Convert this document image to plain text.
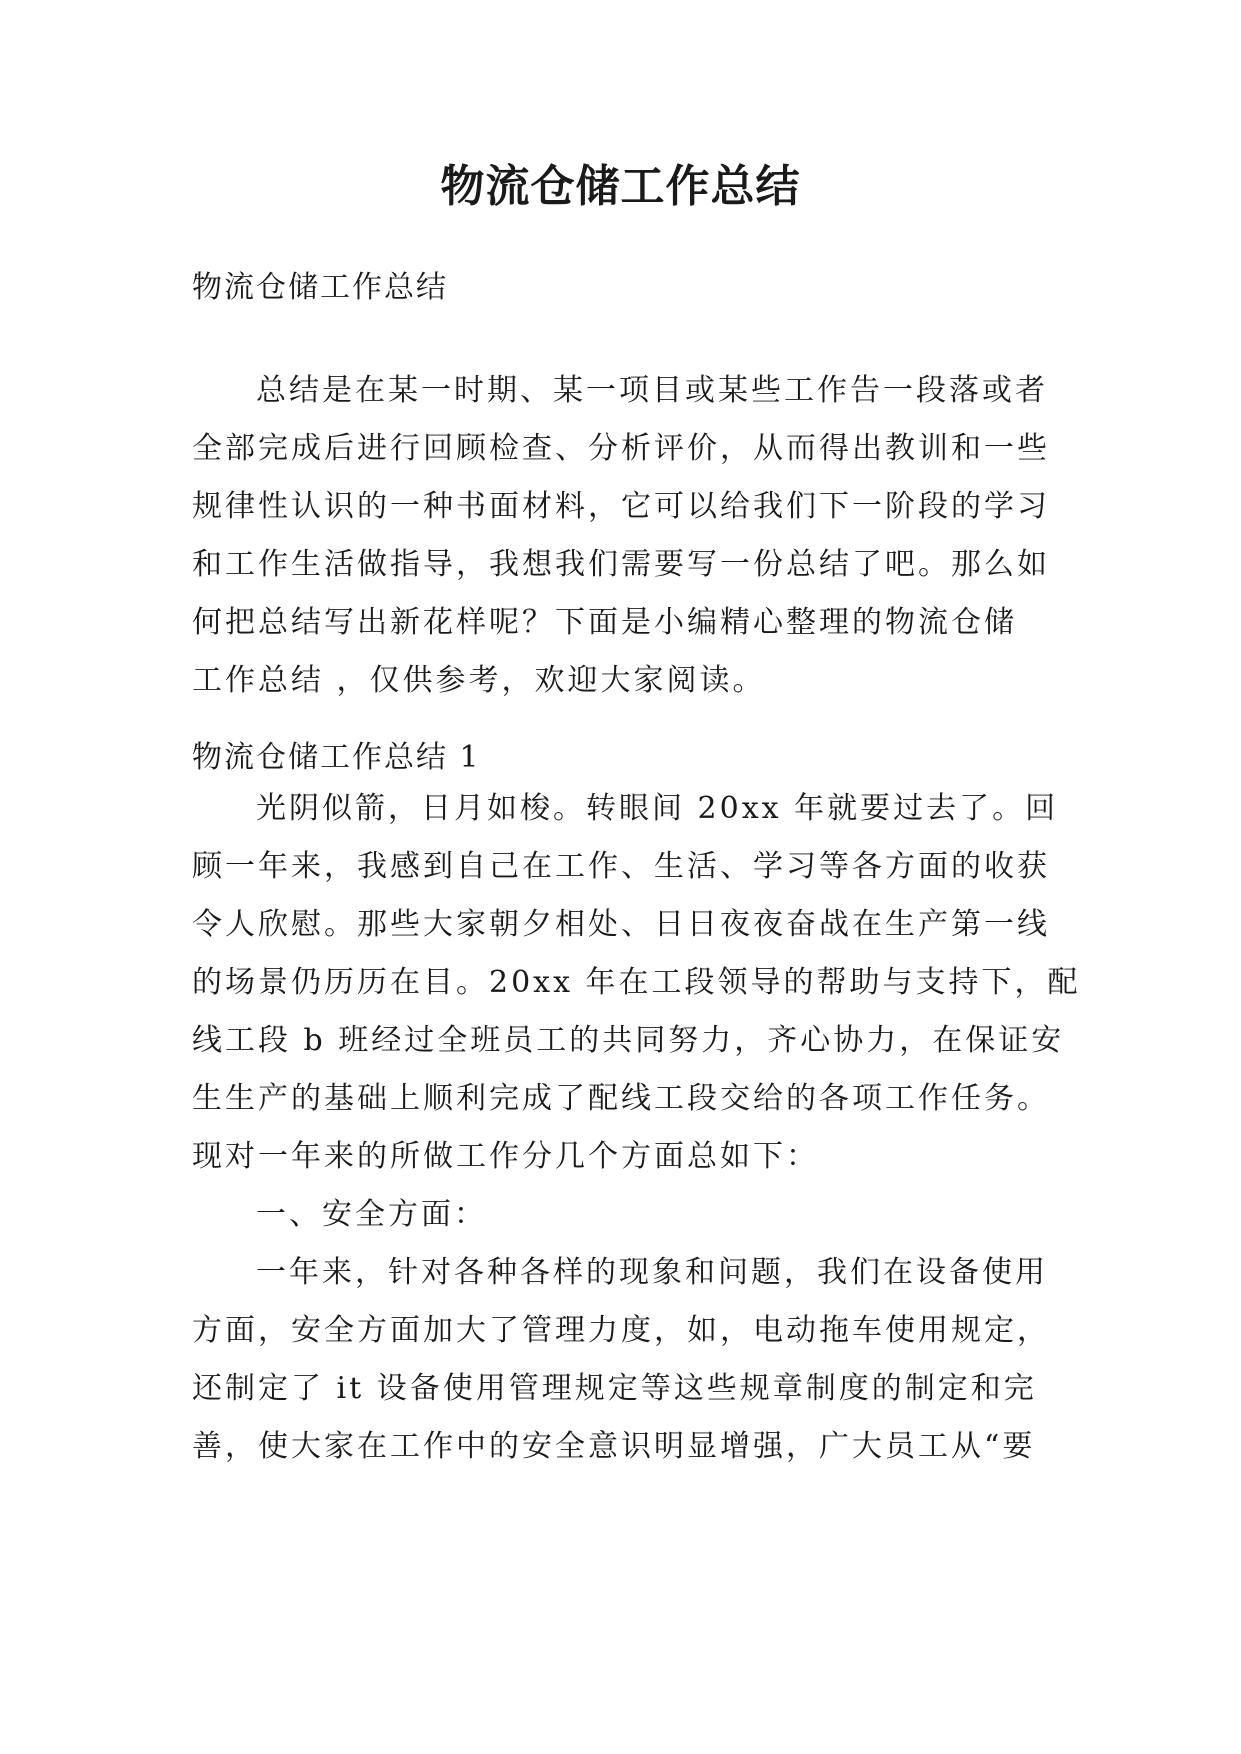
物流仓储工作总结
物流仓储工作总结
总结是在某一时期、某一项目或某些工作告一段落或者
全部完成后进行回顾检查、分析评价，从而得出教训和一些
规律性认识的一种书面材料，它可以给我们下一阶段的学习
和工作生活做指导，我想我们需要写一份总结了吧。那么如
何把总结写出新花样呢？下面是小编精心整理的物流仓储
工作总结 ，仅供参考，欢迎大家阅读。
物流仓储工作总结 1
光阴似箭，日月如梭。转眼间 20xx 年就要过去了。回
顾一年来，我感到自己在工作、生活、学习等各方面的收获
令人欣慰。那些大家朝夕相处、日日夜夜奋战在生产第一线
的场景仍历历在目。20xx 年在工段领导的帮助与支持下，配
线工段 b 班经过全班员工的共同努力，齐心协力，在保证安
生生产的基础上顺利完成了配线工段交给的各项工作任务。
现对一年来的所做工作分几个方面总如下：
一、安全方面：
一年来，针对各种各样的现象和问题，我们在设备使用
方面，安全方面加大了管理力度，如，电动拖车使用规定，
还制定了 it 设备使用管理规定等这些规章制度的制定和完
善，使大家在工作中的安全意识明显增强，广大员工从“要
